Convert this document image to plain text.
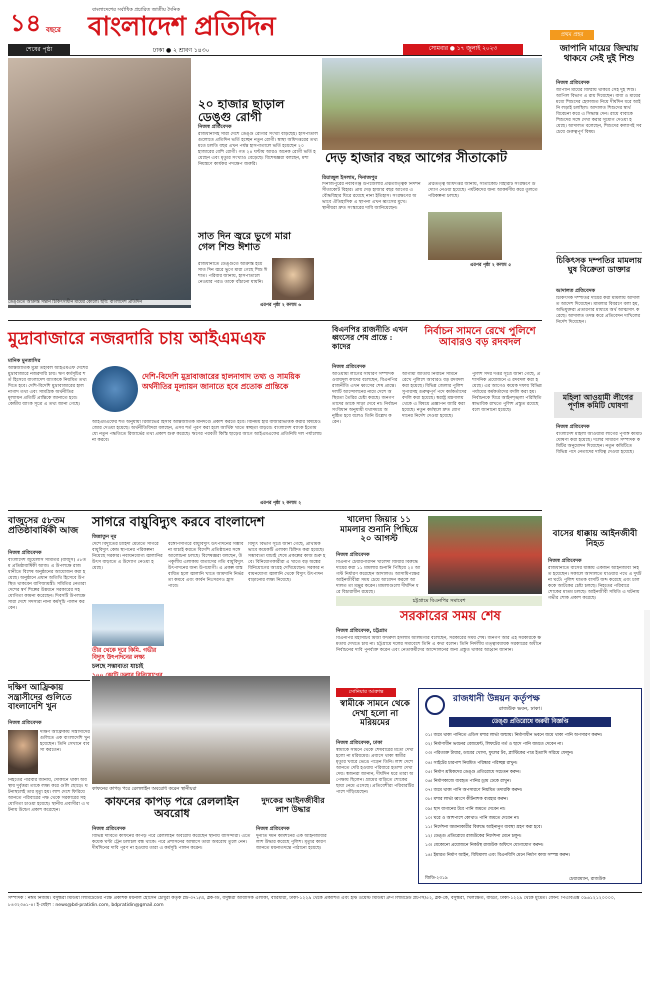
১৪ বছরে
বাংলাদেশের সর্বাধিক প্রচারিত জাতীয় দৈনিক
বাংলাদেশ প্রতিদিন
শেষের পৃষ্ঠা	ঢাকা ● ২ শ্রাবণ ১৪৩০	সোমবার ● ১৭ জুলাই ২০২৩
ডেঙ্গুতে আক্রান্ত সন্তান চিকিৎসাধীন মায়ের কোলে। ছবি: বাংলাদেশ প্রতিদিন
২০ হাজার ছাড়াল ডেঙ্গু রোগী
নিজস্ব প্রতিবেদক
রাজধানীসহ সারা দেশে ডেঙ্গু রোগীর সংখ্যা বাড়ছেই। হাসপাতালগুলোতে প্রতিদিন ভর্তি হচ্ছেন নতুন রোগী। স্বাস্থ্য অধিদপ্তরের তথ্যমতে চলতি বছর এখন পর্যন্ত হাসপাতালে ভর্তি হয়েছেন ২০ হাজারের বেশি রোগী। গত ২৪ ঘণ্টায় আরও অনেক রোগী ভর্তি হয়েছেন এবং মৃত্যুর সংখ্যাও বেড়েছে। বিশেষজ্ঞরা বলছেন, মশা নিয়ন্ত্রণে কার্যকর পদক্ষেপ জরুরি।
সাত দিন জ্বরে ভুগে মারা গেল শিশু ঈশাত
রাজধানীতে ডেঙ্গুতে আক্রান্ত হয়ে সাত দিন জ্বরে ভুগে মারা গেছে শিশু ঈশাত। পরিবার জানায়, হাসপাতালে নেওয়ার পরও তাকে বাঁচানো যায়নি।
এরপর পৃষ্ঠা ২ কলাম ৬
দেড় হাজার বছর আগের সীতাকোট
রিয়াজুল ইসলাম, দিনাজপুর
দিনাজপুরের নবাবগঞ্জ উপজেলার প্রত্নতাত্ত্বিক নিদর্শন সীতাকোট বিহার। প্রায় দেড় হাজার বছর আগের এ বৌদ্ধবিহার ঘিরে রয়েছে নানা ইতিহাস। সংরক্ষণের অভাবে ঐতিহাসিক এ স্থাপনা এখন ধ্বংসের মুখে। স্থানীয়রা দ্রুত সংস্কারের দাবি জানিয়েছেন।
প্রত্নতত্ত্ব অধিদপ্তর জানায়, সীতাকোট বিহারটি সংরক্ষণে উদ্যোগ নেওয়া হয়েছে। পর্যটকদের জন্য আকর্ষণীয় করে তুলতে পরিকল্পনা চলছে।
এরপর পৃষ্ঠা ২ কলাম ৫
প্রথম প্রহর
জাপানি মায়ের জিম্মায় থাকবে সেই দুই শিশু
নিজস্ব প্রতিবেদক
জাপানি মায়ের জিম্মায় থাকবে সেই দুই শিশু। আপিল বিভাগ এ রায় দিয়েছেন। বাবা ও মায়ের মধ্যে শিশুদের হেফাজত নিয়ে দীর্ঘদিন ধরে আইনি লড়াই চলছিল। আদালত শিশুদের স্বার্থ বিবেচনা করে এ সিদ্ধান্ত দেন। রায়ে বাবাকে শিশুদের সঙ্গে দেখা করার সুযোগ দেওয়া হয়েছে। আদালত বলেছেন, শিশুদের কল্যাণই সবচেয়ে গুরুত্বপূর্ণ বিষয়।
চিকিৎসক দম্পতির মামলায় ঘুষ বিক্রেতা ডাক্তার
আদালত প্রতিবেদক
চিকিৎসক দম্পতির দায়ের করা মামলায় আদালত আদেশ দিয়েছেন। মামলার বিবরণে বলা হয়, অভিযুক্তরা প্রতারণার মাধ্যমে অর্থ আত্মসাৎ করেছে। আদালত তদন্ত করে প্রতিবেদন দাখিলের নির্দেশ দিয়েছেন।
মহিলা আওয়ামী লীগের পূর্ণাঙ্গ কমিটি ঘোষণা
নিজস্ব প্রতিবেদক
বাংলাদেশ মহিলা আওয়ামী লীগের পূর্ণাঙ্গ কমিটি ঘোষণা করা হয়েছে। দলের সাধারণ সম্পাদক কমিটির অনুমোদন দিয়েছেন। নতুন কমিটিতে বিভিন্ন পদে নেতাদের দায়িত্ব দেওয়া হয়েছে।
মুদ্রাবাজারে নজরদারি চায় আইএমএফ
মানিক মুনতাসির
আন্তর্জাতিক মুদ্রা তহবিল আইএমএফ দেশের মুদ্রাবাজারে নজরদারি চায়। ঋণ কর্মসূচির শর্ত হিসেবে বাংলাদেশ ব্যাংককে নিয়মিত তথ্য দিতে হবে। দেশি-বিদেশি মুদ্রাবাজারের হালনাগাদ তথ্য এবং সামগ্রিক অর্থনীতির মূল্যায়ন প্রতিটি প্রান্তিকে জানাতে হবে। কেন্দ্রীয় ব্যাংক সূত্রে এ তথ্য জানা গেছে।
দেশি-বিদেশি মুদ্রাবাজারের হালনাগাদ তথ্য ও সাময়িক অর্থনীতির মূল্যায়ন জানাতে হবে প্রতোক প্রান্তিকে
আইএমএফের শর্ত অনুযায়ী রিজার্ভের হিসাব আন্তর্জাতিক মানদণ্ডে প্রকাশ করতে হবে। বিনিময় হার বাজারভিত্তিক করার বিষয়েও জোর দেওয়া হয়েছে। অর্থনীতিবিদরা বলছেন, এসব শর্ত পূরণ করা হলে আর্থিক খাতে স্বচ্ছতা বাড়বে। বাংলাদেশ ব্যাংক ইতোমধ্যে নতুন পদ্ধতিতে রিজার্ভের তথ্য প্রকাশ শুরু করেছে। ঋণের পরবর্তী কিস্তি ছাড়ের আগে আইএমএফের প্রতিনিধি দল পর্যালোচনা করবে।
এরপর পৃষ্ঠা ২ কলাম ২
বিএনপির রাজনীতি এখন ধ্বংসের শেষ প্রান্তে : কাদের
নির্বাচন সামনে রেখে পুলিশে আবারও বড় রদবদল
নিজস্ব প্রতিবেদক
আওয়ামী লীগের সাধারণ সম্পাদক ওবায়দুল কাদের বলেছেন, বিএনপির রাজনীতি এখন ধ্বংসের শেষ প্রান্তে। দলটি আন্দোলনের নামে দেশে অস্থিরতা তৈরির চেষ্টা করছে। জনগণ তাদের ডাকে সাড়া দেবে না। নির্বাচন সংবিধান অনুযায়ী যথাসময়ে অনুষ্ঠিত হবে বলেও তিনি উল্লেখ করেন।
আগামী জাতীয় নির্বাচন সামনে রেখে পুলিশে আবারও বড় রদবদল করা হয়েছে। বিভিন্ন জেলার পুলিশ সুপারসহ গুরুত্বপূর্ণ পদে কর্মকর্তাদের বদলি করা হয়েছে। স্বরাষ্ট্র মন্ত্রণালয় থেকে এ বিষয়ে প্রজ্ঞাপন জারি করা হয়েছে। নতুন কর্মস্থলে দ্রুত যোগদানের নির্দেশ দেওয়া হয়েছে।
পুলিশ সদর দপ্তর সূত্রে জানা গেছে, প্রশাসনিক প্রয়োজনে এ রদবদল করা হয়েছে। এর আগেও কয়েক দফায় বিভিন্ন পর্যায়ের কর্মকর্তাদের বদলি করা হয়। নির্বাচনকে ঘিরে আইনশৃঙ্খলা পরিস্থিতি স্বাভাবিক রাখতে পুলিশ প্রস্তুত রয়েছে বলে জানানো হয়েছে।
বাজুসের ৫৮তম প্রতিষ্ঠাবার্ষিকী আজ
নিজস্ব প্রতিবেদক
বাংলাদেশ জুয়েলার্স সমিতির (বাজুস) ৫৮তম প্রতিষ্ঠাবার্ষিকী আজ। এ উপলক্ষে রাজধানীতে বিশেষ অনুষ্ঠানের আয়োজন করা হয়েছে। অনুষ্ঠানে প্রধান অতিথি হিসেবে উপস্থিত থাকবেন বাণিজ্যমন্ত্রী। সমিতির নেতারা দেশের স্বর্ণ শিল্পের উন্নয়নে সরকারের সহযোগিতা কামনা করেছেন। দিবসটি উপলক্ষে সারা দেশে সদস্যরা নানা কর্মসূচি পালন করবেন।
সাগরে বায়ুবিদ্যুৎ করবে বাংলাদেশ
জিন্নাতুন নূর
দেশে বিদ্যুতের চাহিদা মেটাতে সাগরে বায়ুবিদ্যুৎ কেন্দ্র স্থাপনের পরিকল্পনা নিয়েছে সরকার। নবায়নযোগ্য জ্বালানির উৎস বাড়াতে এ উদ্যোগ নেওয়া হয়েছে।
বঙ্গোপসাগরে বায়ুবিদ্যুৎ উৎপাদনের সম্ভাবনা যাচাই করতে বিদেশি প্রতিষ্ঠানের সঙ্গে আলোচনা চলছে। বিশেষজ্ঞরা বলছেন, উপকূলীয় এলাকায় বাতাসের গতি বায়ুবিদ্যুৎ উৎপাদনের জন্য উপযোগী। এ প্রকল্প বাস্তবায়িত হলে জ্বালানি খাতে আমদানি নির্ভরতা কমবে এবং কার্বন নিঃসরণও হ্রাস পাবে।
বিদ্যুৎ বিভাগ সূত্রে জানা গেছে, প্রাথমিকভাবে কয়েকটি এলাকা চিহ্নিত করা হয়েছে। সম্ভাব্যতা যাচাই শেষে প্রকল্পের কাজ শুরু হবে। বিনিয়োগকারীরা এ খাতে বড় অঙ্কের বিনিয়োগের আগ্রহ দেখিয়েছেন। সরকার নবায়নযোগ্য জ্বালানি থেকে বিদ্যুৎ উৎপাদন বাড়ানোর লক্ষ্য নিয়েছে।
তীর থেকে দূরে কিমি. গভীর বিদ্যুৎ উৎপাদনের লক্ষ্য
চলছে সম্ভাব্যতা যাচাই
খালেদা জিয়ার ১১ মামলার শুনানি পিছিয়ে ২০ আগস্ট
নিজস্ব প্রতিবেদক
বিএনপি চেয়ারপারসন খালেদা জিয়ার বিরুদ্ধে দায়ের করা ১১ মামলার শুনানি পিছিয়ে ২০ আগস্ট নির্ধারণ করেছেন আদালত। আসামিপক্ষের আইনজীবীরা সময় চেয়ে আবেদন করলে আদালত তা মঞ্জুর করেন। মামলাগুলো দীর্ঘদিন ধরে বিচারাধীন রয়েছে।
চট্টগ্রামে বিএনপির সমাবেশ
সরকারের সময় শেষ
নিজস্ব প্রতিবেদক, চট্টগ্রাম
বিএনপির মহাসচিব মির্জা ফখরুল ইসলাম আলমগীর বলেছেন, সরকারের সময় শেষ। জনগণ আর এই সরকারকে ক্ষমতায় দেখতে চায় না। চট্টগ্রামে দলের সমাবেশে তিনি এ কথা বলেন। তিনি নির্দলীয় তত্ত্বাবধায়ক সরকারের অধীনে নির্বাচনের দাবি পুনর্ব্যক্ত করেন এবং নেতাকর্মীদের আন্দোলনের জন্য প্রস্তুত থাকার আহ্বান জানান।
বাসের ধাক্কায় আইনজীবী নিহত
নিজস্ব প্রতিবেদক
রাজধানীতে বাসের ধাক্কায় একজন আইনজীবী নিহত হয়েছেন। সকালে আদালতে যাওয়ার পথে এ দুর্ঘটনা ঘটে। পুলিশ ঘাতক বাসটি জব্দ করেছে এবং চালককে আটকের চেষ্টা চলছে। নিহতের পরিবারে শোকের মাতম চলছে। আইনজীবী সমিতি এ ঘটনায় গভীর শোক প্রকাশ করেছে।
দক্ষিণ আফ্রিকায় সন্ত্রাসীদের গুলিতে বাংলাদেশি খুন
নিজস্ব প্রতিবেদক
দক্ষিণ আফ্রিকায় সন্ত্রাসীদের গুলিতে এক বাংলাদেশি খুন হয়েছেন। তিনি সেখানে ব্যবসা করতেন।
নিহতের পরিবার জানায়, দোকানে থাকা অবস্থায় দুর্বৃত্তরা তাকে লক্ষ্য করে গুলি ছোড়ে। ঘটনাস্থলেই তার মৃত্যু হয়। লাশ দেশে ফিরিয়ে আনতে পরিবারের পক্ষ থেকে সরকারের সহযোগিতা চাওয়া হয়েছে। স্থানীয় প্রবাসীরা এ ঘটনায় উদ্বেগ প্রকাশ করেছেন।
কাফনের কাপড় পরে রেললাইন অবরোধ করেন স্থানীয়রা
কাফনের কাপড় পরে রেললাইন অবরোধ
নিজস্ব প্রতিবেদক
বিভিন্ন দাবিতে কাফনের কাপড় পরে রেললাইন অবরোধ করেছেন স্থানীয় বাসিন্দারা। এতে কয়েক ঘণ্টা ট্রেন চলাচল বন্ধ থাকে। পরে প্রশাসনের আশ্বাসে তারা অবরোধ তুলে নেন। দীর্ঘদিনের দাবি পূরণ না হওয়ায় তারা এ কর্মসূচি পালন করেন।
দুদকের আইনজীবীর লাশ উদ্ধার
নিজস্ব প্রতিবেদক
দুর্নীতি দমন কমিশনের এক আইনজীবীর লাশ উদ্ধার করেছে পুলিশ। মৃত্যুর কারণ জানতে ময়নাতদন্তে পাঠানো হয়েছে।
সোনিয়ার আক্রান্ত
স্বামীকে সামনে থেকে দেখা হলো না মরিয়মের
নিজস্ব প্রতিবেদক, ঢাকা
স্বামীকে সামনে থেকে শেষবারের মতো দেখা হলো না মরিয়মের। প্রবাসে থাকা স্বামীর মৃত্যুর খবরে ভেঙে পড়েন তিনি। লাশ দেশে আনতে দেরি হওয়ায় পরিবারে হতাশা দেখা দেয়। স্বজনরা জানান, দীর্ঘদিন ধরে তারা অপেক্ষায় ছিলেন। গ্রামের বাড়িতে শোকের ছায়া নেমে এসেছে। প্রতিবেশীরা পরিবারটির পাশে দাঁড়িয়েছেন।
রাজধানী উন্নয়ন কর্তৃপক্ষ
রাজউক ভবন, ঢাকা।
ডেঙ্গু প্রতিরোধে জরুরী বিজ্ঞপ্তি
০১। জমে থাকা পানিতে এডিস মশার লার্ভা জন্মায়। নির্মাণাধীন ভবনে জমে থাকা পানি অপসারণ করুন।
০২। নির্মাণাধীন ভবনের বেজমেন্ট, লিফটের গর্ত ও ছাদে পানি জমতে দেবেন না।
০৩। পরিত্যক্ত টায়ার, ডাবের খোসা, ফুলের টব, প্লাস্টিকের পাত্র ইত্যাদি সরিয়ে ফেলুন।
০৪। সাইটের চারপাশ নিয়মিত পরিষ্কার পরিচ্ছন্ন রাখুন।
০৫। নির্মাণ শ্রমিকদের ডেঙ্গু প্রতিরোধে সচেতন করুন।
০৬। নির্মাণকাজে ব্যবহৃত পানির ড্রাম ঢেকে রাখুন।
০৭। জমে থাকা পানি অপসারণে নিয়মিত তদারকি করুন।
০৮। মশার লার্ভা ধ্বংসে কীটনাশক ব্যবহার করুন।
০৯। ছাদ বাগানের টবে পানি জমতে দেবেন না।
১০। ঘরে ও আশপাশে কোথাও পানি জমতে দেবেন না।
১১। নির্দেশনা অমান্যকারীর বিরুদ্ধে আইনানুগ ব্যবস্থা গ্রহণ করা হবে।
১২। ডেঙ্গু প্রতিরোধে রাজউকের নির্দেশনা মেনে চলুন।
১৩। যেকোনো প্রয়োজনে নিকটস্থ রাজউক অফিসে যোগাযোগ করুন।
১৪। ইমারত নির্মাণ আইন, বিধিমালা এবং বিএনবিসি মেনে নির্মাণ কাজ সম্পন্ন করুন।
জিডি-২৩১৯	চেয়ারম্যান, রাজউক
সম্পাদক : নঈম নিজাম। বসুন্ধরা মিডিয়া লিমিটেডের পক্ষে প্রকাশক ময়নাল হোসেন চৌধুরী কর্তৃক প্লট-৩৭১/এ, ব্লক-ডি, বসুন্ধরা আবাসিক এলাকা, বারিধারা, ঢাকা-১২২৯ থেকে প্রকাশিত এবং ইস্ট ওয়েস্ট মিডিয়া গ্রুপ লিমিটেড প্লট-সি/৫২, ব্লক-কে, বসুন্ধরা, খিলক্ষেত, বাড্ডা, ঢাকা-১২২৯ থেকে মুদ্রিত। ফোন: পিএবিএক্স ০৯৬১২১২০০০০, ৮৪৩২৩৬১-৪। ই-মেইল : news@bd-pratidin.com, bdpratidin@gmail.com
